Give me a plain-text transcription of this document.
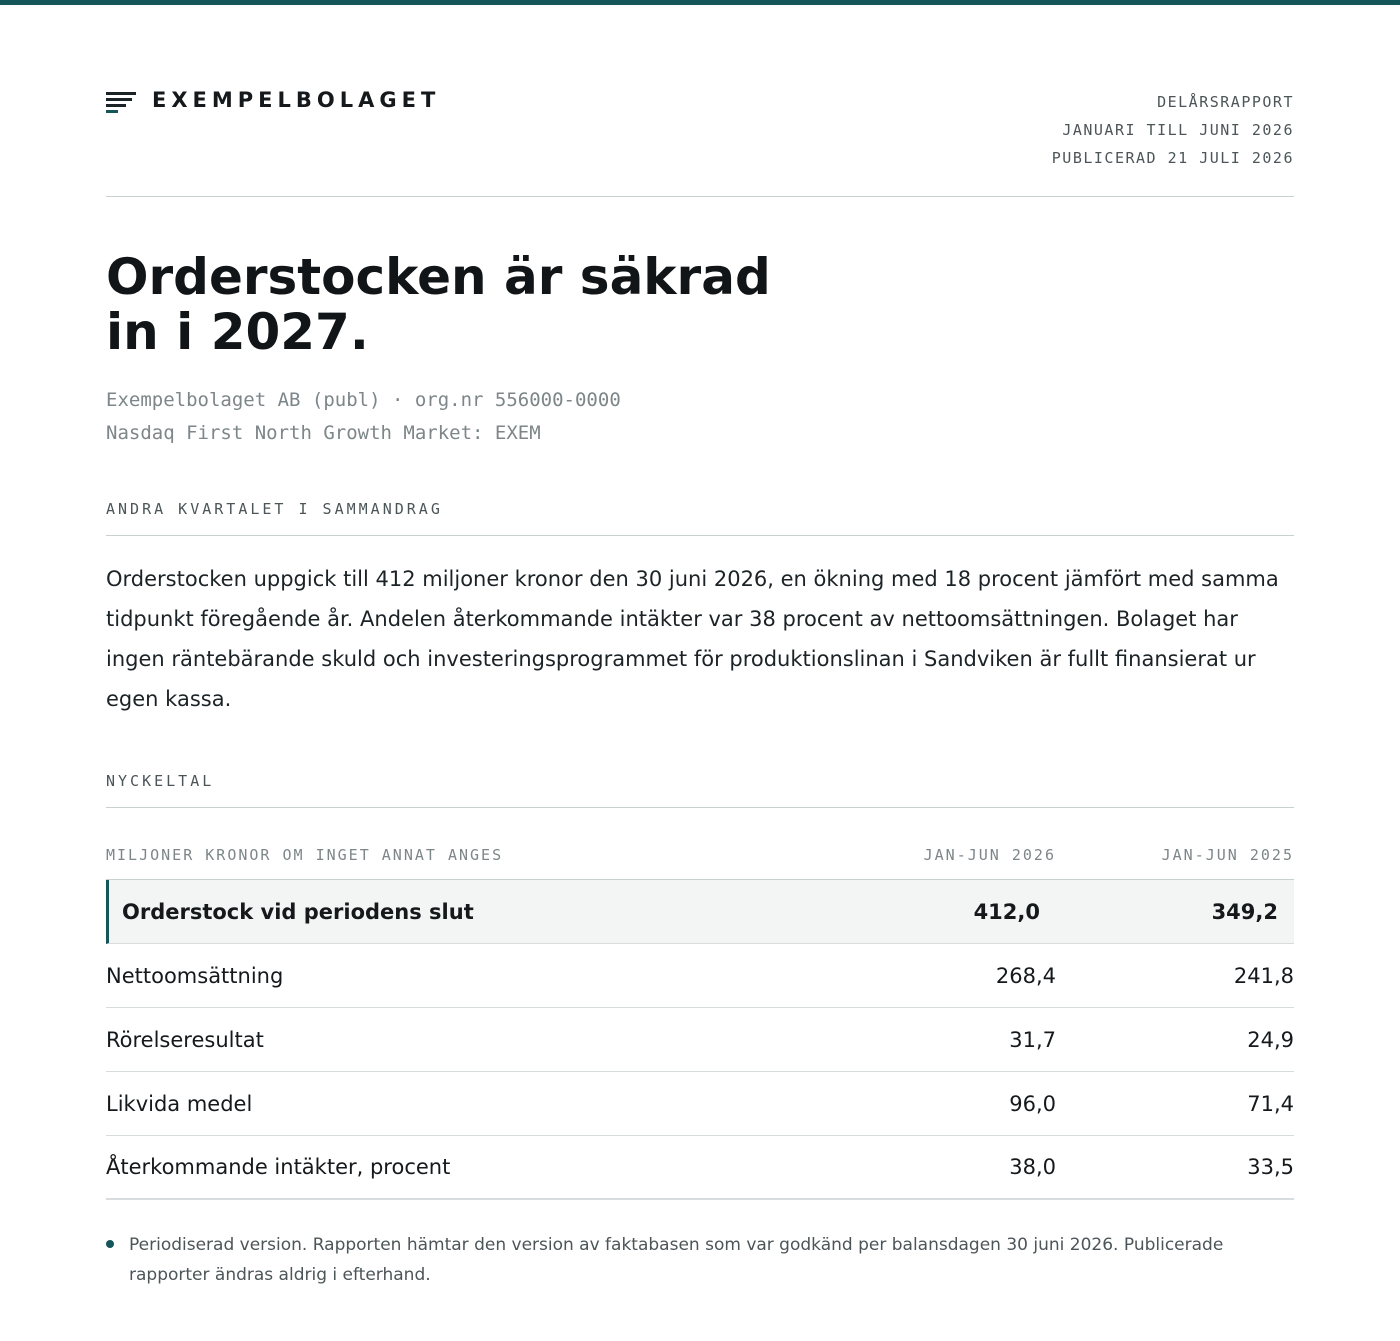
EXEMPELBOLAGET	DELÅRSRAPPORT
JANUARI TILL JUNI 2026
PUBLICERAD 21 JULI 2026
Orderstocken är säkrad
in i 2027.
Exempelbolaget AB (publ) · org.nr 556000-0000
Nasdaq First North Growth Market: EXEM
ANDRA KVARTALET I SAMMANDRAG

Orderstocken uppgick till 412 miljoner kronor den 30 juni 2026, en ökning med 18 procent jämfört med samma tidpunkt föregående år. Andelen återkommande intäkter var 38 procent av nettoomsättningen. Bolaget har ingen räntebärande skuld och investeringsprogrammet för produktionslinan i Sandviken är fullt finansierat ur egen kassa.

NYCKELTAL
MILJONER KRONOR OM INGET ANNAT ANGES	JAN-JUN 2026	JAN-JUN 2025
Orderstock vid periodens slut	412,0	349,2
Nettoomsättning	268,4	241,8
Rörelseresultat	31,7	24,9
Likvida medel	96,0	71,4
Återkommande intäkter, procent	38,0	33,5
Periodiserad version. Rapporten hämtar den version av faktabasen som var godkänd per balansdagen 30 juni 2026. Publicerade rapporter ändras aldrig i efterhand.
